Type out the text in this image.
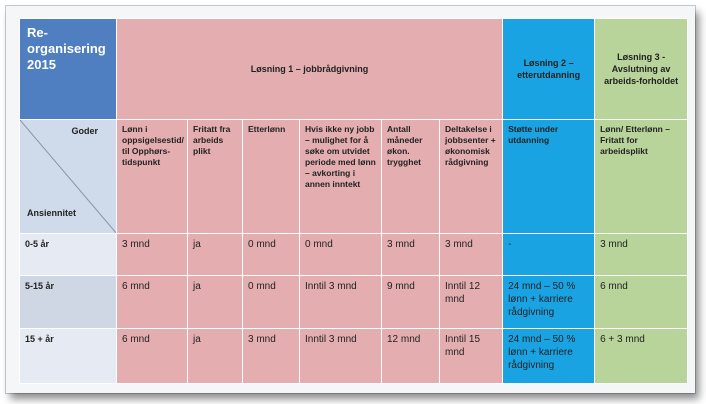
Re-organisering 2015	Løsning 1 – jobbrådgivning						Løsning 2 – etterutdanning	Løsning 3 - Avslutning av arbeids-forholdet

Goder
Ansiennitet	Lønn i oppsigelsestid/ til Opphørs-tidspunkt	Fritatt fra arbeids plikt	Etterlønn	Hvis ikke ny jobb – mulighet for å søke om utvidet periode med lønn – avkorting i annen inntekt	Antall måneder økon. trygghet	Deltakelse i jobbsenter + økonomisk rådgivning	Støtte under utdanning	Lønn/ Etterlønn – Fritatt for arbeidsplikt
0-5 år	3 mnd	ja	0 mnd	0 mnd	3 mnd	3 mnd	-	3 mnd
5-15 år	6 mnd	ja	0 mnd	Inntil 3 mnd	9 mnd	Inntil 12 mnd	24 mnd – 50 % lønn + karriere rådgivning	6 mnd
15 + år	6 mnd	ja	3 mnd	Inntil 3 mnd	12 mnd	Inntil 15 mnd	24 mnd – 50 % lønn + karriere rådgivning	6 + 3 mnd
